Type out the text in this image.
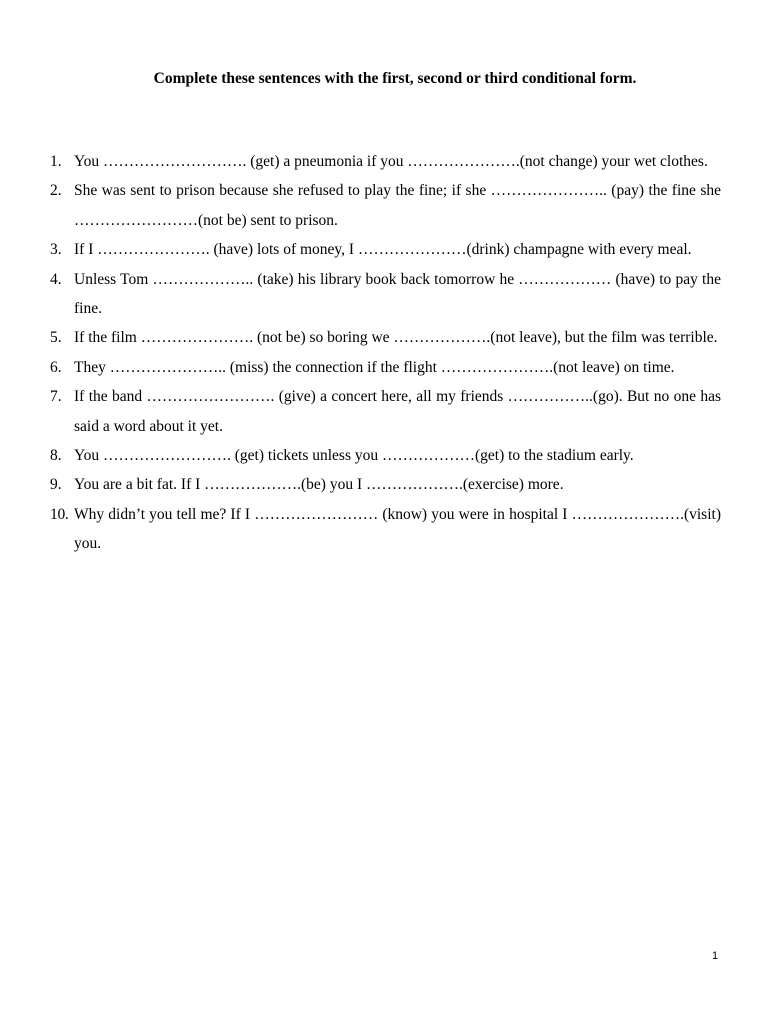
Complete these sentences with the first, second or third conditional form.

1. You ………………………. (get) a pneumonia if you ………………….(not change) your wet clothes.
2. She was sent to prison because she refused to play the fine; if she ………………….. (pay) the fine she ……………………(not be) sent to prison.
3. If I …………………. (have) lots of money, I …………………(drink) champagne with every meal.
4. Unless Tom ……………….. (take) his library book back tomorrow he ……………… (have) to pay the fine.
5. If the film …………………. (not be) so boring we ……………….(not leave), but the film was terrible.
6. They ………………….. (miss) the connection if the flight ………………….(not leave) on time.
7. If the band ……………………. (give) a concert here, all my friends ……………..(go). But no one has said a word about it yet.
8. You ……………………. (get) tickets unless you ………………(get) to the stadium early.
9. You are a bit fat. If I ……………….(be) you I ……………….(exercise) more.
10. Why didn’t you tell me? If I …………………… (know) you were in hospital I ………………….(visit) you.
1
